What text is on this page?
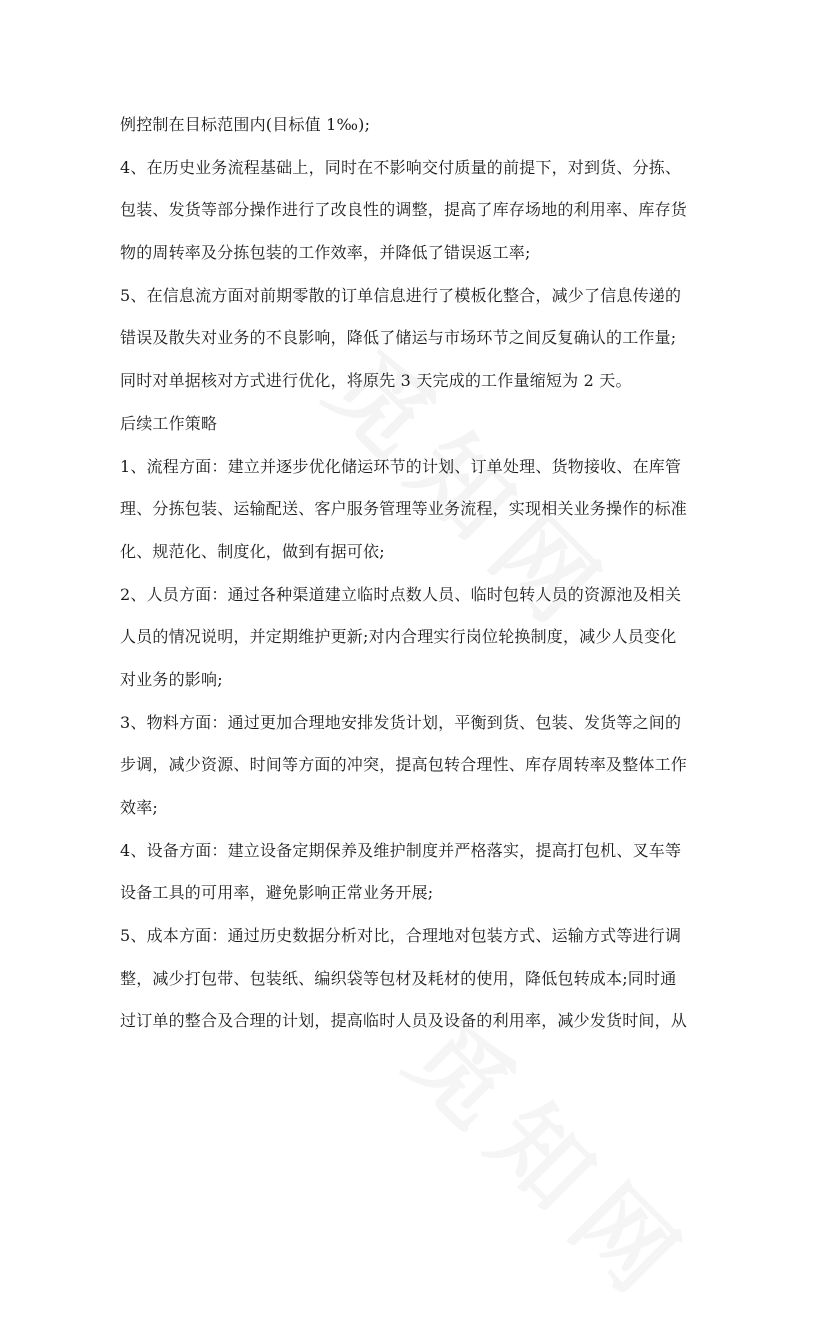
例控制在目标范围内(目标值 1‰);
4、在历史业务流程基础上，同时在不影响交付质量的前提下，对到货、分拣、
包装、发货等部分操作进行了改良性的调整，提高了库存场地的利用率、库存货
物的周转率及分拣包装的工作效率，并降低了错误返工率;
5、在信息流方面对前期零散的订单信息进行了模板化整合，减少了信息传递的
错误及散失对业务的不良影响，降低了储运与市场环节之间反复确认的工作量;
同时对单据核对方式进行优化，将原先 3 天完成的工作量缩短为 2 天。
后续工作策略
1、流程方面：建立并逐步优化储运环节的计划、订单处理、货物接收、在库管
理、分拣包装、运输配送、客户服务管理等业务流程，实现相关业务操作的标准
化、规范化、制度化，做到有据可依;
2、人员方面：通过各种渠道建立临时点数人员、临时包转人员的资源池及相关
人员的情况说明，并定期维护更新;对内合理实行岗位轮换制度，减少人员变化
对业务的影响;
3、物料方面：通过更加合理地安排发货计划，平衡到货、包装、发货等之间的
步调，减少资源、时间等方面的冲突，提高包转合理性、库存周转率及整体工作
效率;
4、设备方面：建立设备定期保养及维护制度并严格落实，提高打包机、叉车等
设备工具的可用率，避免影响正常业务开展;
5、成本方面：通过历史数据分析对比，合理地对包装方式、运输方式等进行调
整，减少打包带、包装纸、编织袋等包材及耗材的使用，降低包转成本;同时通
过订单的整合及合理的计划，提高临时人员及设备的利用率，减少发货时间，从
